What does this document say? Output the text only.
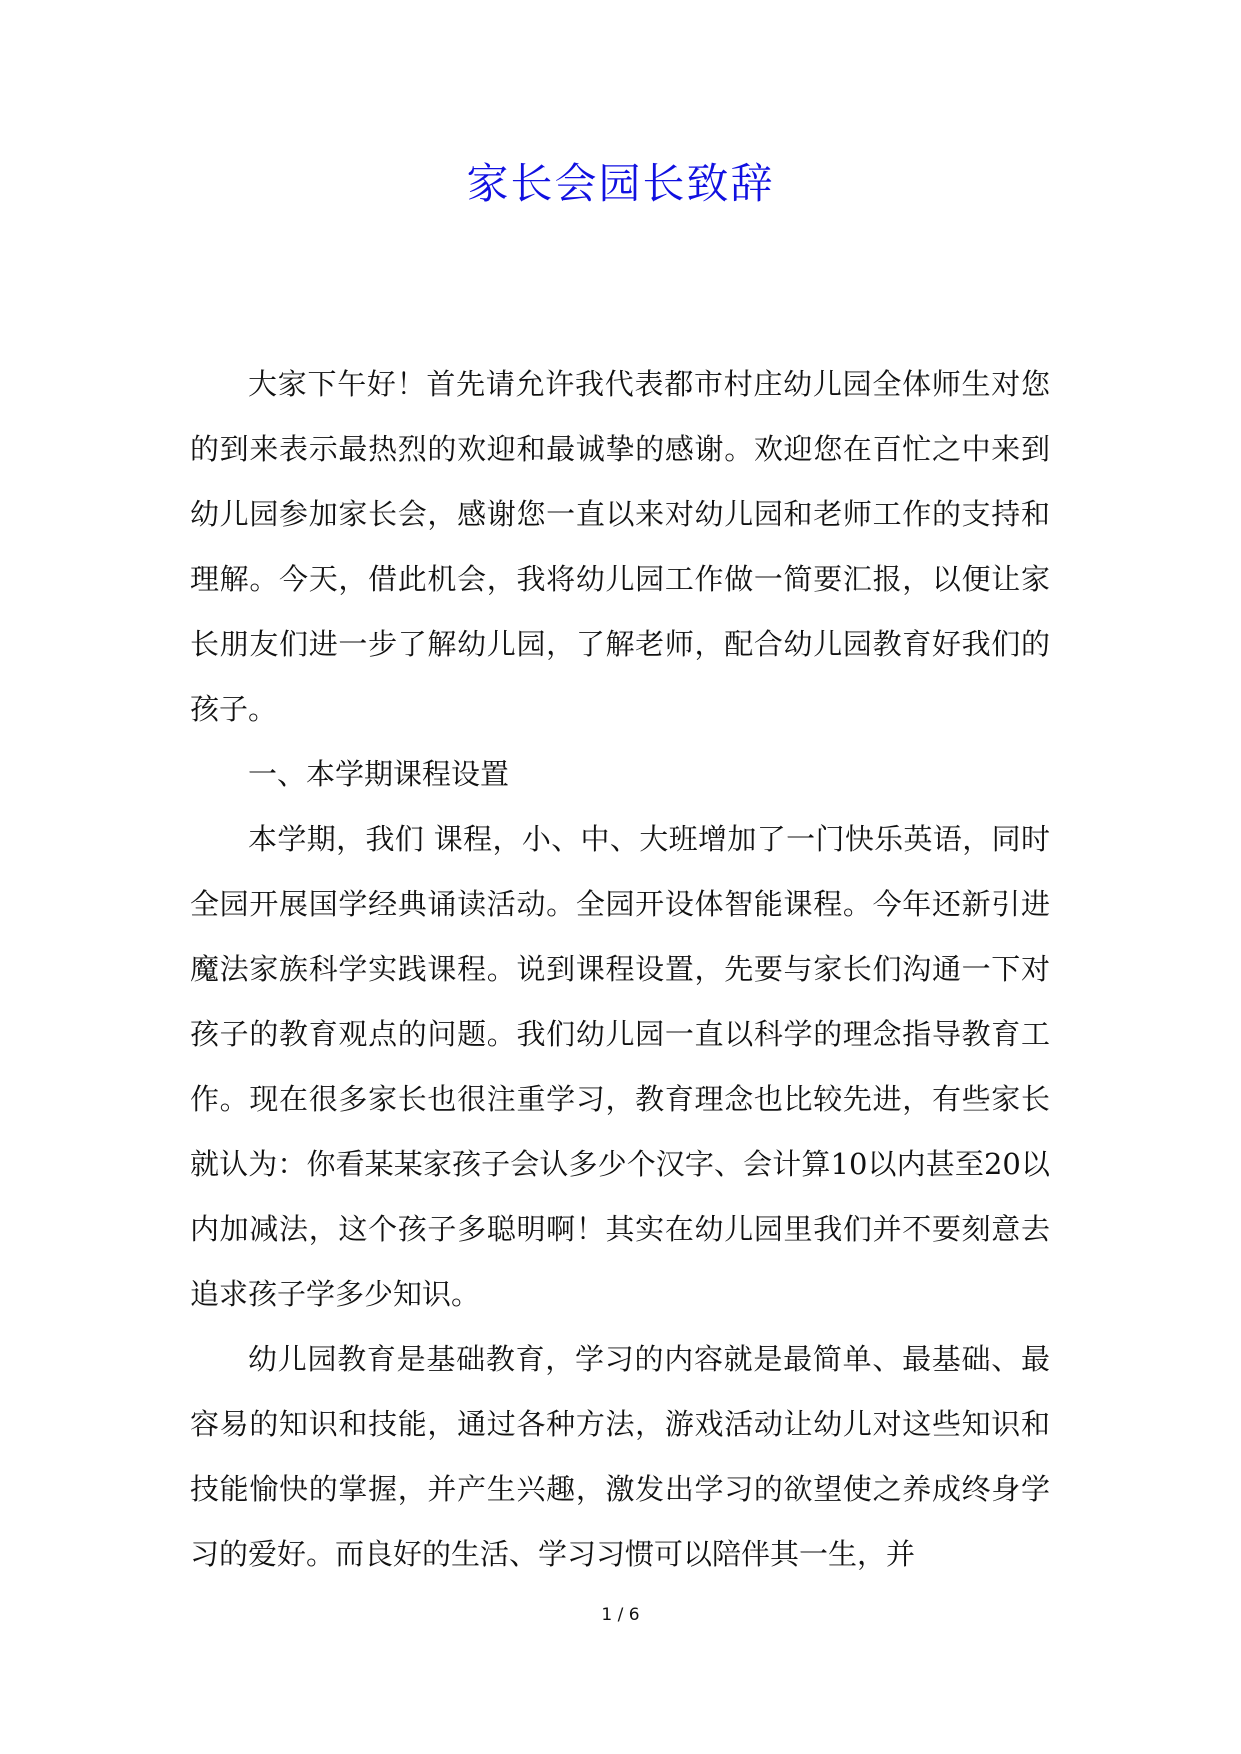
家长会园长致辞

大家下午好！首先请允许我代表都市村庄幼儿园全体师生对您的到来表示最热烈的欢迎和最诚挚的感谢。欢迎您在百忙之中来到幼儿园参加家长会，感谢您一直以来对幼儿园和老师工作的支持和理解。今天，借此机会，我将幼儿园工作做一简要汇报，以便让家长朋友们进一步了解幼儿园，了解老师，配合幼儿园教育好我们的孩子。

一、本学期课程设置

本学期，我们 课程，小、中、大班增加了一门快乐英语，同时全园开展国学经典诵读活动。全园开设体智能课程。今年还新引进魔法家族科学实践课程。说到课程设置，先要与家长们沟通一下对孩子的教育观点的问题。我们幼儿园一直以科学的理念指导教育工作。现在很多家长也很注重学习，教育理念也比较先进，有些家长就认为：你看某某家孩子会认多少个汉字、会计算10以内甚至20以内加减法，这个孩子多聪明啊！其实在幼儿园里我们并不要刻意去追求孩子学多少知识。

幼儿园教育是基础教育，学习的内容就是最简单、最基础、最容易的知识和技能，通过各种方法，游戏活动让幼儿对这些知识和技能愉快的掌握，并产生兴趣，激发出学习的欲望使之养成终身学习的爱好。而良好的生活、学习习惯可以陪伴其一生，并

1 / 6
